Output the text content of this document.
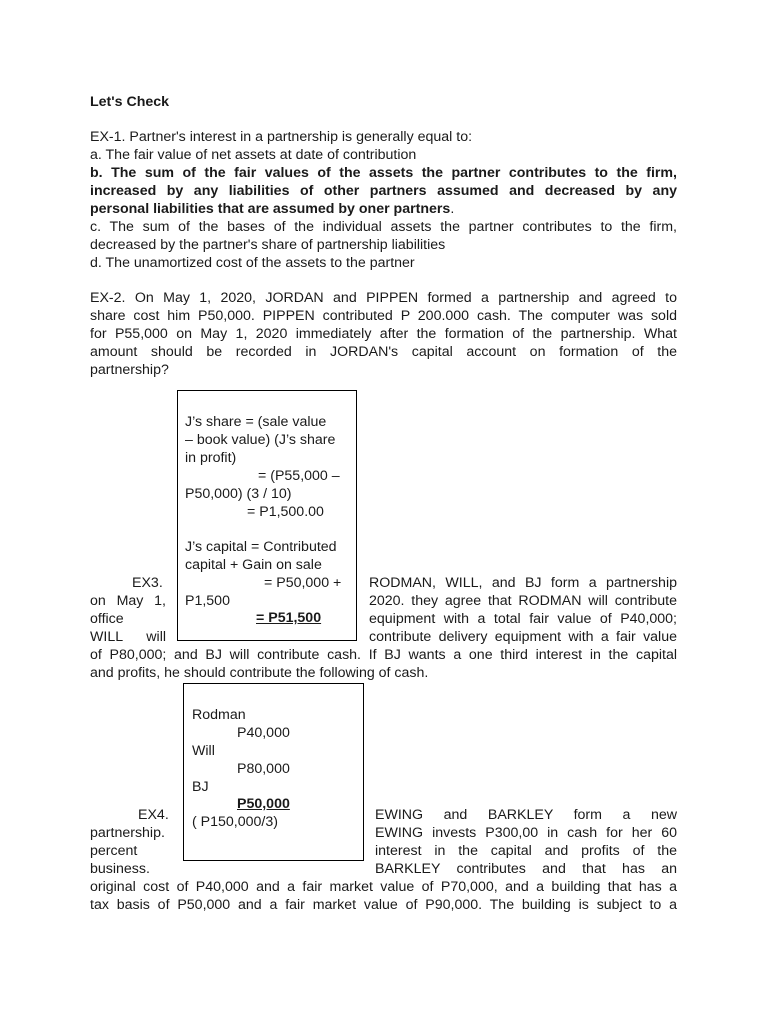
Let's Check
EX-1. Partner's interest in a partnership is generally equal to:
a. The fair value of net assets at date of contribution
b. The sum of the fair values of the assets the partner contributes to the firm,
increased by any liabilities of other partners assumed and decreased by any
personal liabilities that are assumed by oner partners.
c. The sum of the bases of the individual assets the partner contributes to the firm,
decreased by the partner's share of partnership liabilities
d. The unamortized cost of the assets to the partner
EX-2. On May 1, 2020, JORDAN and PIPPEN formed a partnership and agreed to
share cost him P50,000. PIPPEN contributed P 200.000 cash. The computer was sold
for P55,000 on May 1, 2020 immediately after the formation of the partnership. What
amount should be recorded in JORDAN's capital account on formation of the
partnership?
EX3.
on May 1,
office
WILL will
RODMAN, WILL, and BJ form a partnership
2020. they agree that RODMAN will contribute
equipment with a total fair value of P40,000;
contribute delivery equipment with a fair value
of P80,000; and BJ will contribute cash. If BJ wants a one third interest in the capital
and profits, he should contribute the following of cash.
J’s share = (sale value
– book value) (J’s share
in profit)
= (P55,000 –
P50,000) (3 / 10)
= P1,500.00
J’s capital = Contributed
capital + Gain on sale
= P50,000 +
P1,500
= P51,500
EX4.
partnership.
percent
business.
EWING and BARKLEY form a new
EWING invests P300,00 in cash for her 60
interest in the capital and profits of the
BARKLEY contributes and that has an
original cost of P40,000 and a fair market value of P70,000, and a building that has a
tax basis of P50,000 and a fair market value of P90,000. The building is subject to a
Rodman
P40,000
Will
P80,000
BJ
P50,000
( P150,000/3)
